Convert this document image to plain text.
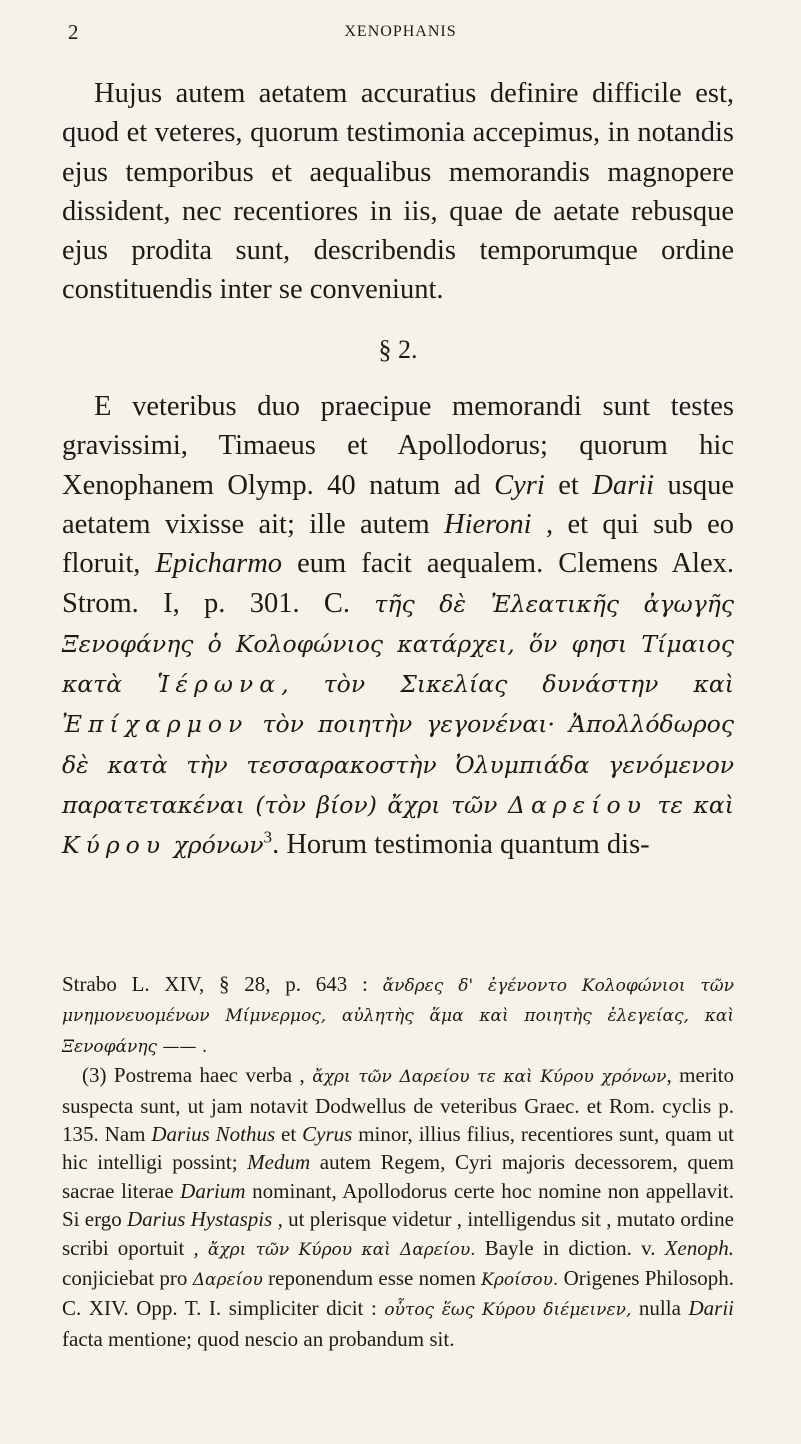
2	XENOPHANIS

Hujus autem aetatem accuratius definire difficile est, quod et veteres, quorum testimonia accepimus, in notandis ejus temporibus et aequalibus memorandis magnopere dissident, nec recentiores in iis, quae de aetate rebusque ejus prodita sunt, describendis temporumque ordine constituendis inter se conveniunt.

§ 2.

E veteribus duo praecipue memorandi sunt testes gravissimi, Timaeus et Apollodorus; quorum hic Xenophanem Olymp. 40 natum ad Cyri et Darii usque aetatem vixisse ait; ille autem Hieroni , et qui sub eo floruit, Epicharmo eum facit aequalem. Clemens Alex. Strom. I, p. 301. C. τῆς δὲ Ἐλεατικῆς ἀγωγῆς Ξενοφάνης ὁ Κολοφώνιος κατάρχει, ὅν φησι Τίμαιος κατὰ Ἱέρωνα, τὸν Σικελίας δυνάστην καὶ Ἐπίχαρμον τὸν ποιητὴν γεγονέναι· Ἀπολλόδωρος δὲ κατὰ τὴν τεσσαρακοστὴν Ὀλυμπιάδα γενόμενον παρατετακέναι (τὸν βίον) ἄχρι τῶν Δαρείου τε καὶ Κύρου χρόνων$^3$. Horum testimonia quantum dis-

Strabo L. XIV, § 28, p. 643 : ἄνδρες δ' ἐγένοντο Κολοφώνιοι τῶν μνημονευομένων Μίμνερμος, αὐλητὴς ἅμα καὶ ποιητὴς ἐλεγείας, καὶ Ξενοφάνης —— .

(3) Postrema haec verba , ἄχρι τῶν Δαρείου τε καὶ Κύρου χρόνων, merito suspecta sunt, ut jam notavit Dodwellus de veteribus Graec. et Rom. cyclis p. 135. Nam Darius Nothus et Cyrus minor, illius filius, recentiores sunt, quam ut hic intelligi possint; Medum autem Regem, Cyri majoris decessorem, quem sacrae literae Darium nominant, Apollodorus certe hoc nomine non appellavit. Si ergo Darius Hystaspis , ut plerisque videtur , intelligendus sit , mutato ordine scribi oportuit , ἄχρι τῶν Κύρου καὶ Δαρείου. Bayle in diction. v. Xenoph. conjiciebat pro Δαρείου reponendum esse nomen Κροίσου. Origenes Philosoph. C. XIV. Opp. T. I. simpliciter dicit : οὗτος ἕως Κύρου διέμεινεν, nulla Darii facta mentione; quod nescio an probandum sit.
